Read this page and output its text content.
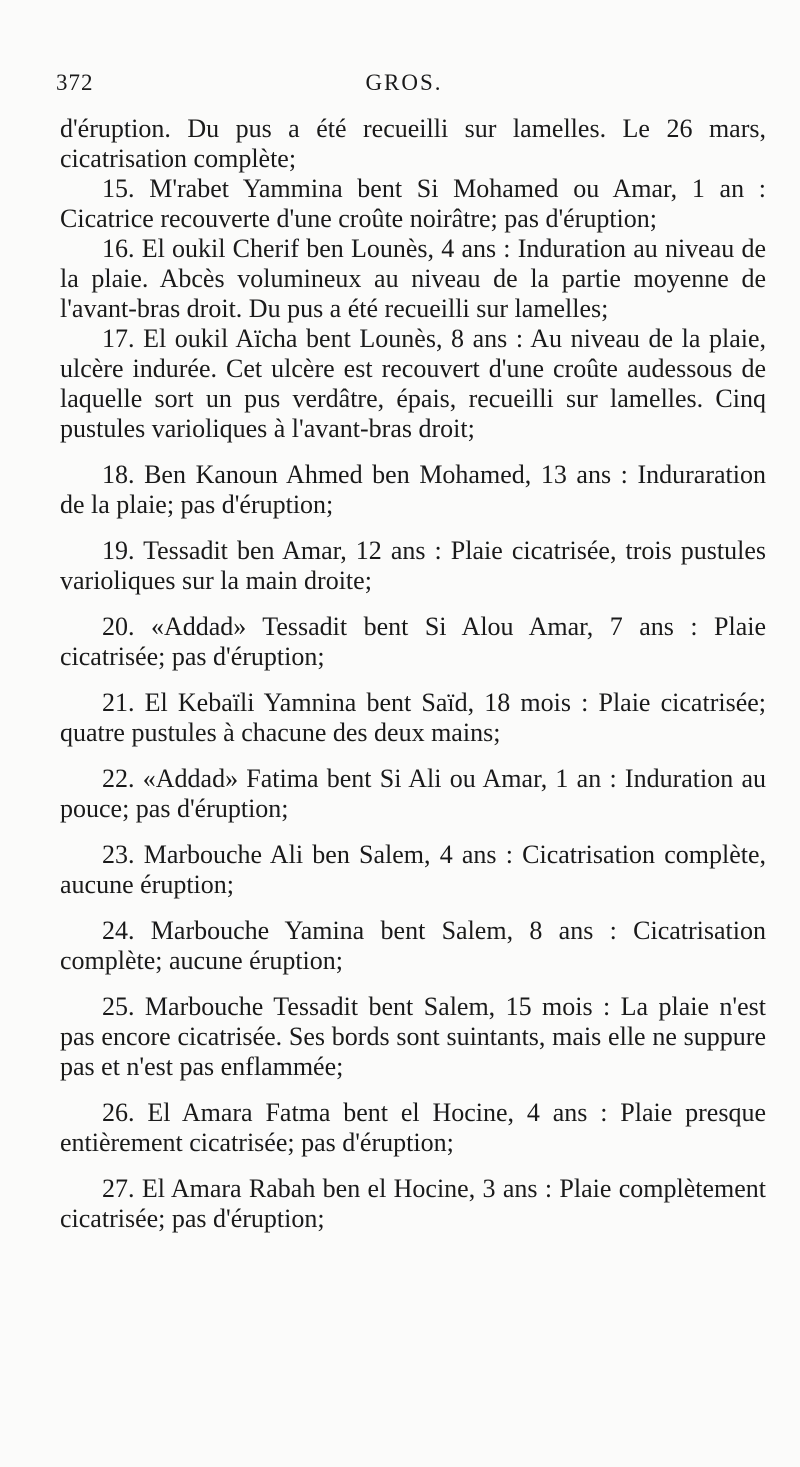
372	GROS.

d'éruption. Du pus a été recueilli sur lamelles. Le 26 mars, cicatrisation complète;

15. M'rabet Yammina bent Si Mohamed ou Amar, 1 an : Cicatrice recouverte d'une croûte noirâtre; pas d'éruption;

16. El oukil Cherif ben Lounès, 4 ans : Induration au niveau de la plaie. Abcès volumineux au niveau de la partie moyenne de l'avant-bras droit. Du pus a été recueilli sur lamelles;

17. El oukil Aïcha bent Lounès, 8 ans : Au niveau de la plaie, ulcère indurée. Cet ulcère est recouvert d'une croûte audessous de laquelle sort un pus verdâtre, épais, recueilli sur lamelles. Cinq pustules varioliques à l'avant-bras droit;

18. Ben Kanoun Ahmed ben Mohamed, 13 ans : Induraration de la plaie; pas d'éruption;

19. Tessadit ben Amar, 12 ans : Plaie cicatrisée, trois pustules varioliques sur la main droite;

20. «Addad» Tessadit bent Si Alou Amar, 7 ans : Plaie cicatrisée; pas d'éruption;

21. El Kebaïli Yamnina bent Saïd, 18 mois : Plaie cicatrisée; quatre pustules à chacune des deux mains;

22. «Addad» Fatima bent Si Ali ou Amar, 1 an : Induration au pouce; pas d'éruption;

23. Marbouche Ali ben Salem, 4 ans : Cicatrisation complète, aucune éruption;

24. Marbouche Yamina bent Salem, 8 ans : Cicatrisation complète; aucune éruption;

25. Marbouche Tessadit bent Salem, 15 mois : La plaie n'est pas encore cicatrisée. Ses bords sont suintants, mais elle ne suppure pas et n'est pas enflammée;

26. El Amara Fatma bent el Hocine, 4 ans : Plaie presque entièrement cicatrisée; pas d'éruption;

27. El Amara Rabah ben el Hocine, 3 ans : Plaie complètement cicatrisée; pas d'éruption;
